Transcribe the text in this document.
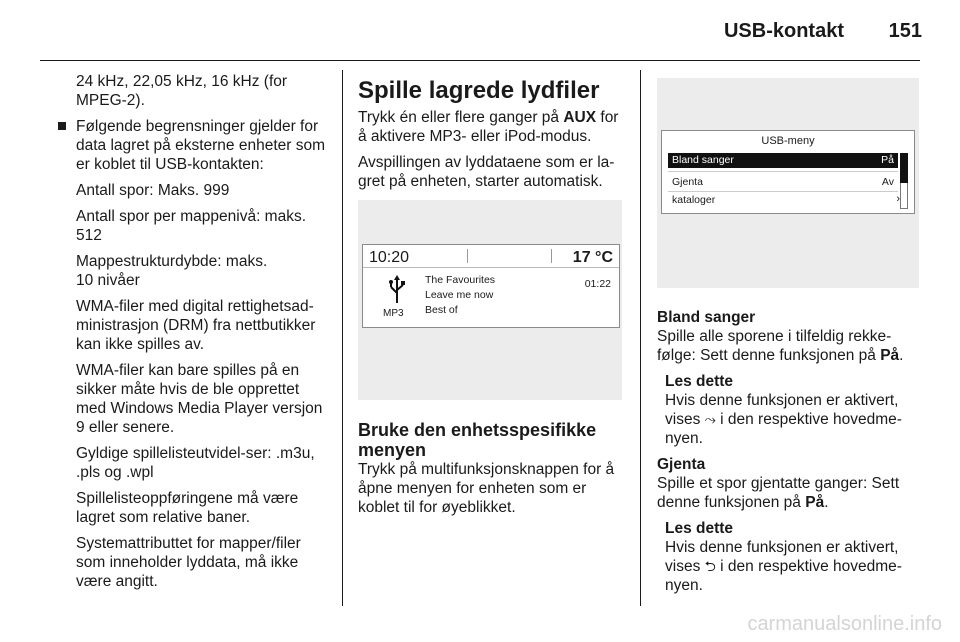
USB-kontakt 151

24 kHz, 22,05 kHz, 16 kHz (for MPEG-2).

Følgende begrensninger gjelder for data lagret på eksterne enheter som er koblet til USB-kontakten:

Antall spor: Maks. 999

Antall spor per mappenivå: maks. 512

Mappestrukturdybde: maks.
10 nivåer

WMA-filer med digital rettighetsad-ministrasjon (DRM) fra nettbutikker kan ikke spilles av.

WMA-filer kan bare spilles på en sikker måte hvis de ble opprettet med Windows Media Player versjon 9 eller senere.

Gyldige spillelisteutvidel-ser: .m3u, .pls og .wpl

Spillelisteoppføringene må være lagret som relative baner.

Systemattributtet for mapper/filer som inneholder lyddata, må ikke være angitt.

Spille lagrede lydfiler

Trykk én eller flere ganger på AUX for å aktivere MP3- eller iPod-modus.

Avspillingen av lyddataene som er la-gret på enheten, starter automatisk.

10:20	17 °C
MP3
The Favourites
Leave me now
Best of
01:22
Bruke den enhetsspesifikke menyen

Trykk på multifunksjonsknappen for å åpne menyen for enheten som er koblet til for øyeblikket.

USB-meny
Bland sanger	På
Gjenta	Av
kataloger	›

Bland sanger

Spille alle sporene i tilfeldig rekke-følge: Sett denne funksjonen på På.

Les dette

Hvis denne funksjonen er aktivert, vises ⤳ i den respektive hovedme-nyen.

Gjenta

Spille et spor gjentatte ganger: Sett denne funksjonen på På.

Les dette

Hvis denne funksjonen er aktivert, vises ⮌ i den respektive hovedme-nyen.

carmanualsonline.info
